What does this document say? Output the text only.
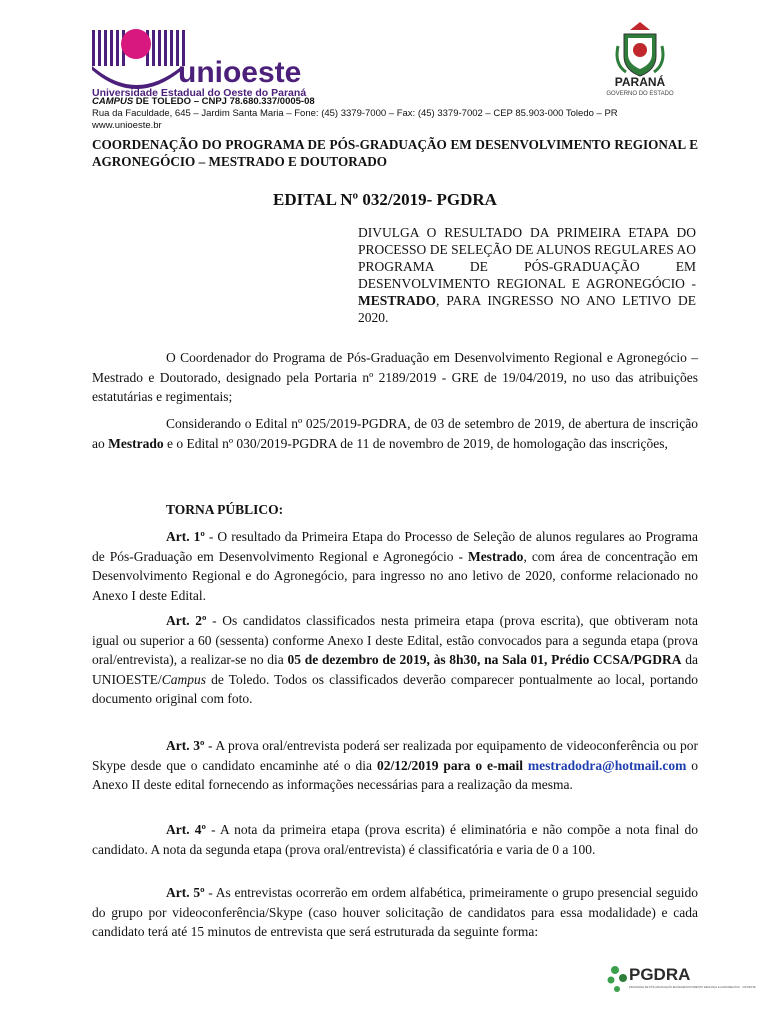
unioeste
Universidade Estadual do Oeste do Paraná
PARANÁ
GOVERNO DO ESTADO
CAMPUS DE TOLEDO – CNPJ 78.680.337/0005-08
Rua da Faculdade, 645 – Jardim Santa Maria – Fone: (45) 3379-7000 – Fax: (45) 3379-7002 – CEP 85.903-000 Toledo – PR
www.unioeste.br
COORDENAÇÃO DO PROGRAMA DE PÓS-GRADUAÇÃO EM DESENVOLVIMENTO REGIONAL E AGRONEGÓCIO – MESTRADO E DOUTORADO
EDITAL Nº 032/2019- PGDRA
DIVULGA O RESULTADO DA PRIMEIRA ETAPA DO PROCESSO DE SELEÇÃO DE ALUNOS REGULARES AO PROGRAMA DE PÓS-GRADUAÇÃO EM DESENVOLVIMENTO REGIONAL E AGRONEGÓCIO - MESTRADO, PARA INGRESSO NO ANO LETIVO DE 2020.

O Coordenador do Programa de Pós-Graduação em Desenvolvimento Regional e Agronegócio – Mestrado e Doutorado, designado pela Portaria nº 2189/2019 - GRE de 19/04/2019, no uso das atribuições estatutárias e regimentais;

Considerando o Edital nº 025/2019-PGDRA, de 03 de setembro de 2019, de abertura de inscrição ao Mestrado e o Edital nº 030/2019-PGDRA de 11 de novembro de 2019, de homologação das inscrições,

TORNA PÚBLICO:

Art. 1º - O resultado da Primeira Etapa do Processo de Seleção de alunos regulares ao Programa de Pós-Graduação em Desenvolvimento Regional e Agronegócio - Mestrado, com área de concentração em Desenvolvimento Regional e do Agronegócio, para ingresso no ano letivo de 2020, conforme relacionado no Anexo I deste Edital.

Art. 2º - Os candidatos classificados nesta primeira etapa (prova escrita), que obtiveram nota igual ou superior a 60 (sessenta) conforme Anexo I deste Edital, estão convocados para a segunda etapa (prova oral/entrevista), a realizar-se no dia 05 de dezembro de 2019, às 8h30, na Sala 01, Prédio CCSA/PGDRA da UNIOESTE/Campus de Toledo. Todos os classificados deverão comparecer pontualmente ao local, portando documento original com foto.

Art. 3º - A prova oral/entrevista poderá ser realizada por equipamento de videoconferência ou por Skype desde que o candidato encaminhe até o dia 02/12/2019 para o e-mail mestradodra@hotmail.com o Anexo II deste edital fornecendo as informações necessárias para a realização da mesma.

Art. 4º - A nota da primeira etapa (prova escrita) é eliminatória e não compõe a nota final do candidato. A nota da segunda etapa (prova oral/entrevista) é classificatória e varia de 0 a 100.

Art. 5º - As entrevistas ocorrerão em ordem alfabética, primeiramente o grupo presencial seguido do grupo por videoconferência/Skype (caso houver solicitação de candidatos para essa modalidade) e cada candidato terá até 15 minutos de entrevista que será estruturada da seguinte forma:

PGDRA
PROGRAMA DE PÓS-GRADUAÇÃO EM DESENVOLVIMENTO REGIONAL E AGRONEGÓCIO · UNIOESTE
